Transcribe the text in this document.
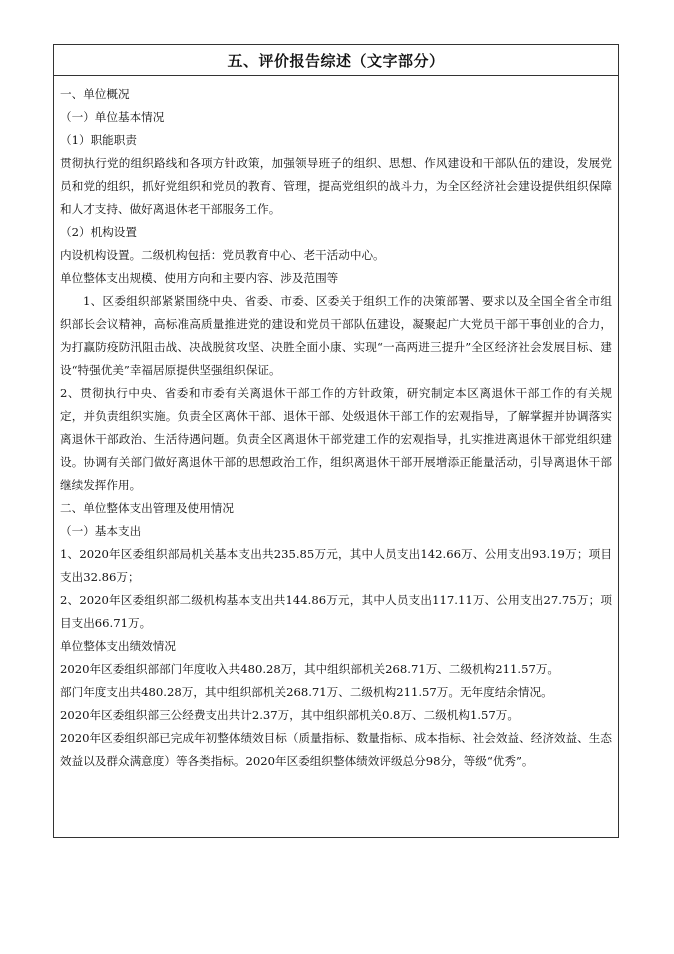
五、评价报告综述（文字部分）

一、单位概况

（一）单位基本情况

（1）职能职责

贯彻执行党的组织路线和各项方针政策，加强领导班子的组织、思想、作风建设和干部队伍的建设，发展党员和党的组织，抓好党组织和党员的教育、管理，提高党组织的战斗力，为全区经济社会建设提供组织保障和人才支持、做好离退休老干部服务工作。

（2）机构设置

内设机构设置。二级机构包括：党员教育中心、老干活动中心。

单位整体支出规模、使用方向和主要内容、涉及范围等

1、区委组织部紧紧围绕中央、省委、市委、区委关于组织工作的决策部署、要求以及全国全省全市组织部长会议精神，高标准高质量推进党的建设和党员干部队伍建设，凝聚起广大党员干部干事创业的合力，为打赢防疫防汛阻击战、决战脱贫攻坚、决胜全面小康、实现“一高两进三提升”全区经济社会发展目标、建设“特强优美”幸福居原提供坚强组织保证。

2、贯彻执行中央、省委和市委有关离退休干部工作的方针政策，研究制定本区离退休干部工作的有关规定，并负责组织实施。负责全区离休干部、退休干部、处级退休干部工作的宏观指导，了解掌握并协调落实离退休干部政治、生活待遇问题。负责全区离退休干部党建工作的宏观指导，扎实推进离退休干部党组织建设。协调有关部门做好离退休干部的思想政治工作，组织离退休干部开展增添正能量活动，引导离退休干部继续发挥作用。

二、单位整体支出管理及使用情况

（一）基本支出

1、2020年区委组织部局机关基本支出共235.85万元，其中人员支出142.66万、公用支出93.19万；项目支出32.86万；

2、2020年区委组织部二级机构基本支出共144.86万元，其中人员支出117.11万、公用支出27.75万；项目支出66.71万。

单位整体支出绩效情况

2020年区委组织部部门年度收入共480.28万，其中组织部机关268.71万、二级机构211.57万。

部门年度支出共480.28万，其中组织部机关268.71万、二级机构211.57万。无年度结余情况。

2020年区委组织部三公经费支出共计2.37万，其中组织部机关0.8万、二级机构1.57万。

2020年区委组织部已完成年初整体绩效目标（质量指标、数量指标、成本指标、社会效益、经济效益、生态效益以及群众满意度）等各类指标。2020年区委组织整体绩效评级总分98分，等级“优秀”。
